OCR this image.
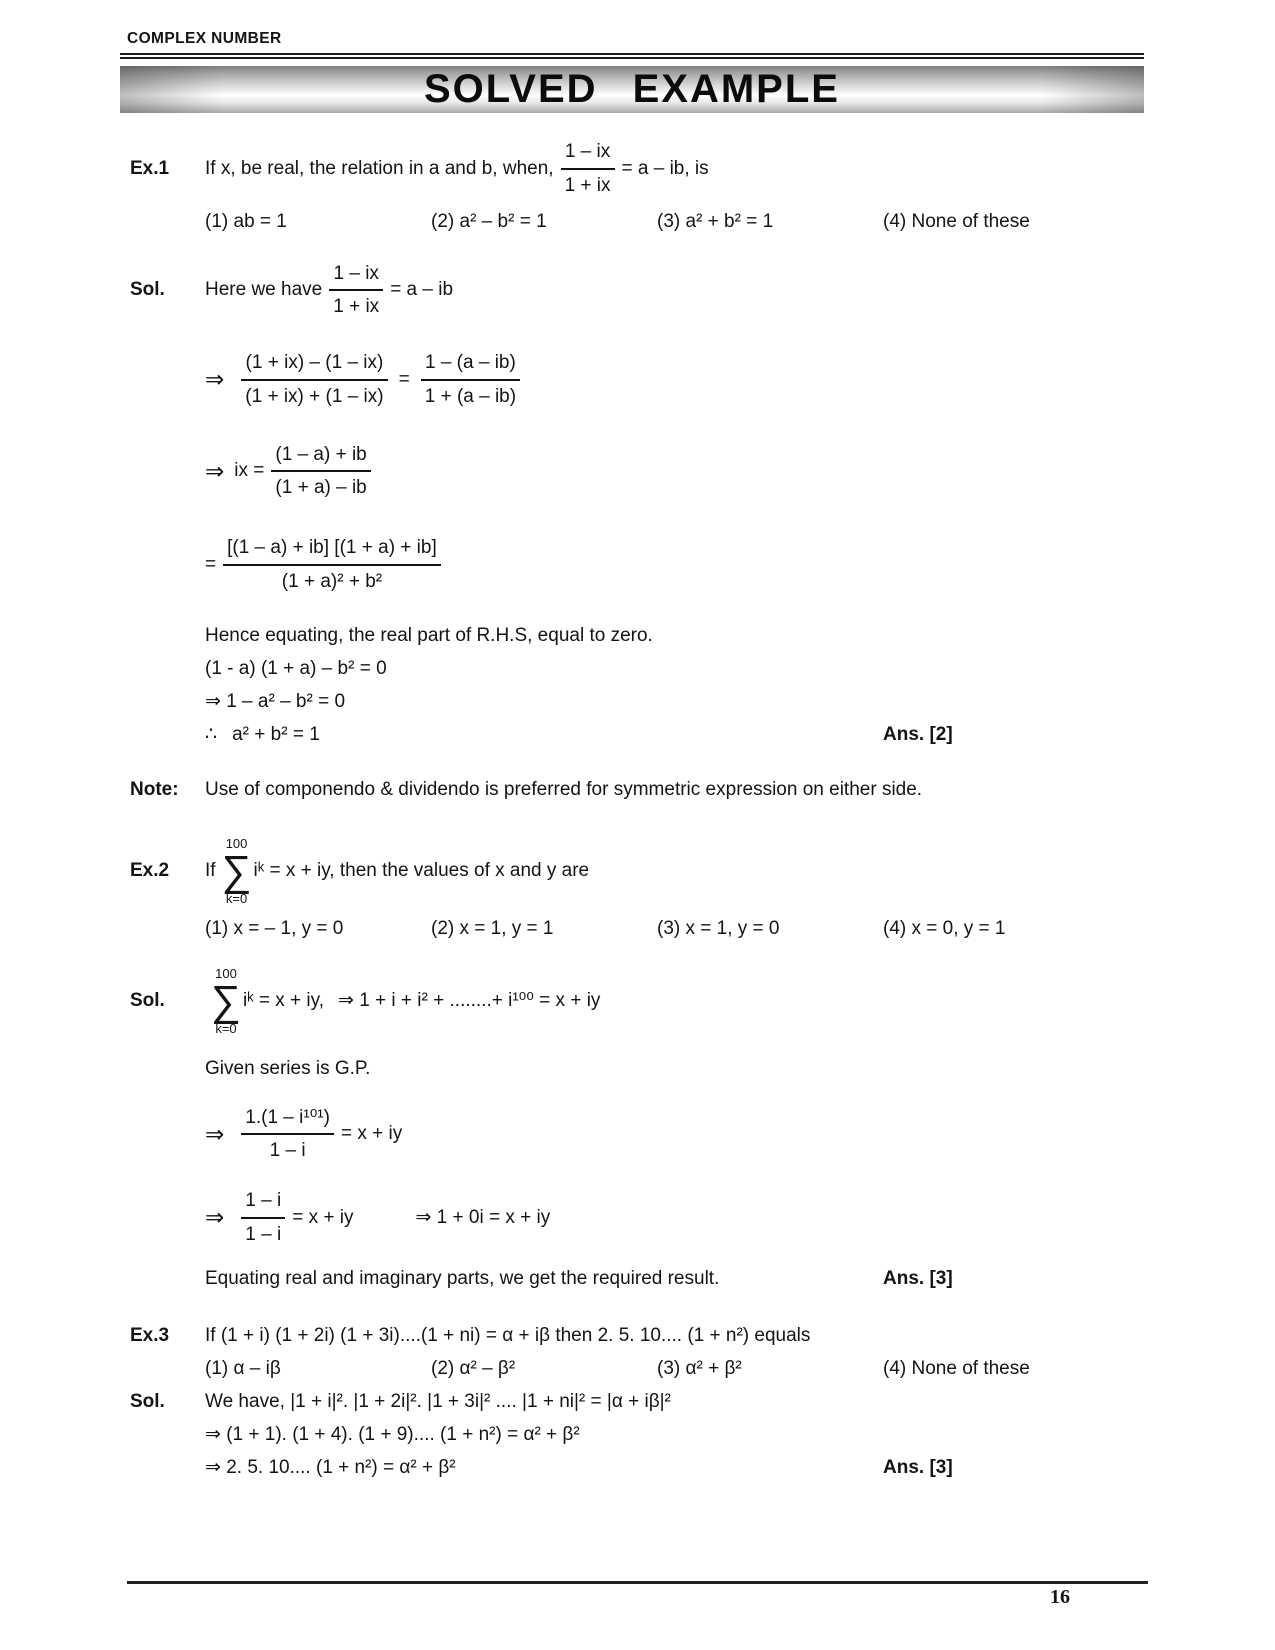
COMPLEX NUMBER
SOLVED EXAMPLE
Ex.1	If x, be real, the relation in a and b, when, $\frac{1 - ix}{1 + ix} = a$ – ib, is
(1) ab = 1	(2) a² – b² = 1	(3) a² + b² = 1	(4) None of these
Sol.	Here we have $\frac{1 - ix}{1 + ix} = a$ – ib
⇒ $\frac{(1 + ix) - (1 - ix)}{(1 + ix) + (1 - ix)} = \frac{1 - (a - ib)}{1 + (a - ib)}$
⇒ ix = $\frac{(1 - a) + ib}{(1 + a) - ib}$
= $\frac{[(1 - a) + ib] [(1 + a) + ib]}{\text{(1 + a)² + b²}}$
Hence equating, the real part of R.H.S, equal to zero.
(1 - a) (1 + a) – b² = 0
⇒ 1 – a² – b² = 0
∴ a² + b² = 1	Ans. [2]
Note:	Use of componendo & dividendo is preferred for symmetric expression on either side.
Ex.2	If
100
∑
k=0
iᵏ = x + iy, then the values of x and y are
(1) x = – 1, y = 0	(2) x = 1, y = 1	(3) x = 1, y = 0	(4) x = 0, y = 1
Sol.
100
∑
k=0
iᵏ = x + iy, ⇒ 1 + i + i² + ........+ i¹⁰⁰ = x + iy
Given series is G.P.
⇒ $\frac{\text{1.(1 – i¹⁰¹)}}{1 - i} = x$ + iy
⇒ $\frac{1 - i}{1 - i} = x$ + iy	⇒ 1 + 0i = x + iy
Equating real and imaginary parts, we get the required result.	Ans. [3]
Ex.3	If (1 + i) (1 + 2i) (1 + 3i)....(1 + ni) = α + iβ then 2. 5. 10.... (1 + n²) equals
(1) α – iβ	(2) α² – β²	(3) α² + β²	(4) None of these
Sol.	We have, |1 + i|². |1 + 2i|². |1 + 3i|² .... |1 + ni|² = |α + iβ|²
⇒ (1 + 1). (1 + 4). (1 + 9).... (1 + n²) = α² + β²
⇒ 2. 5. 10.... (1 + n²) = α² + β²	Ans. [3]
16
